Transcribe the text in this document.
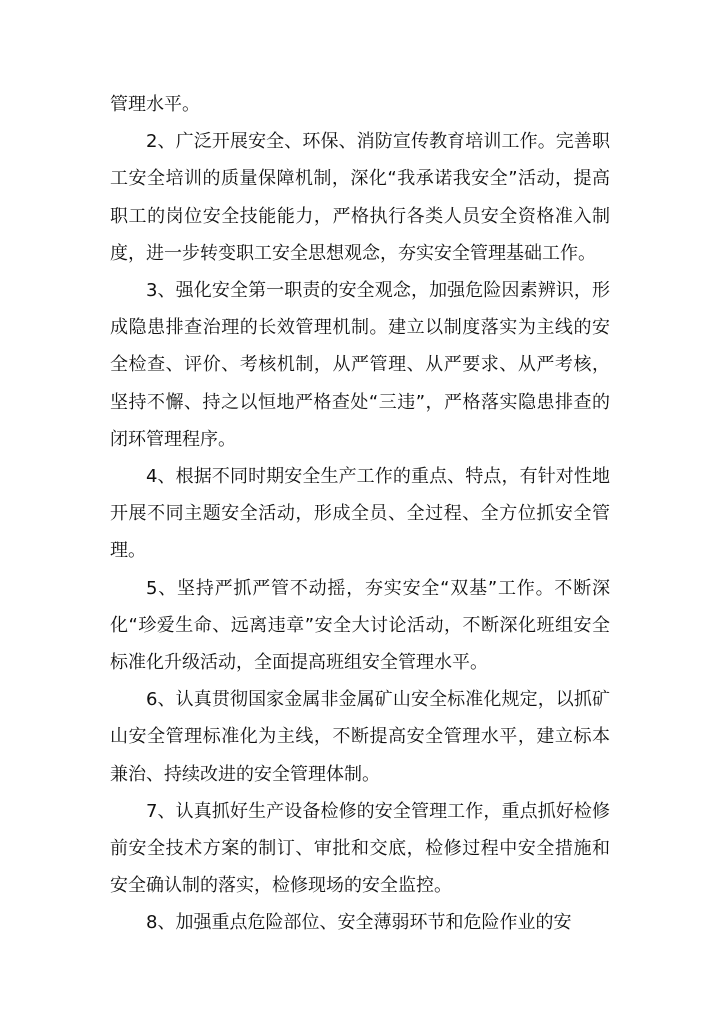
管理水平。

2、广泛开展安全、环保、消防宣传教育培训工作。完善职工安全培训的质量保障机制，深化“我承诺我安全”活动，提高职工的岗位安全技能能力，严格执行各类人员安全资格准入制度，进一步转变职工安全思想观念，夯实安全管理基础工作。

3、强化安全第一职责的安全观念，加强危险因素辨识，形成隐患排查治理的长效管理机制。建立以制度落实为主线的安全检查、评价、考核机制，从严管理、从严要求、从严考核，坚持不懈、持之以恒地严格查处“三违”，严格落实隐患排查的闭环管理程序。

4、根据不同时期安全生产工作的重点、特点，有针对性地开展不同主题安全活动，形成全员、全过程、全方位抓安全管理。

5、坚持严抓严管不动摇，夯实安全“双基”工作。不断深化“珍爱生命、远离违章”安全大讨论活动，不断深化班组安全标准化升级活动，全面提高班组安全管理水平。

6、认真贯彻国家金属非金属矿山安全标准化规定，以抓矿山安全管理标准化为主线，不断提高安全管理水平，建立标本兼治、持续改进的安全管理体制。

7、认真抓好生产设备检修的安全管理工作，重点抓好检修前安全技术方案的制订、审批和交底，检修过程中安全措施和安全确认制的落实，检修现场的安全监控。

8、加强重点危险部位、安全薄弱环节和危险作业的安
